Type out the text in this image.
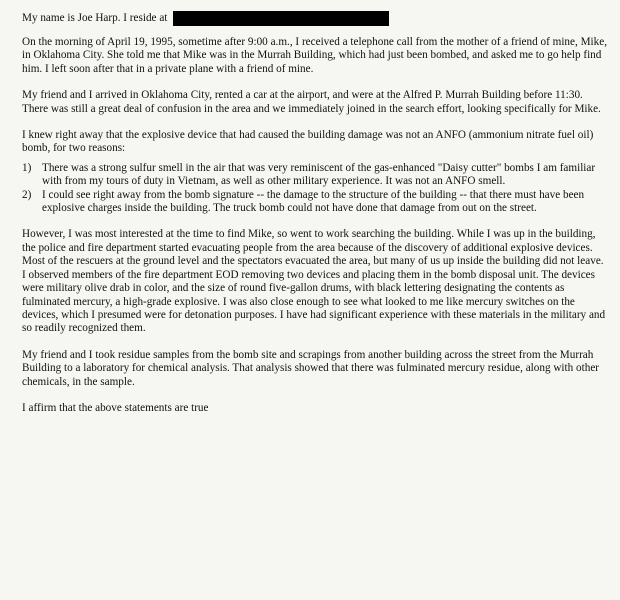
My name is Joe Harp. I reside at

On the morning of April 19, 1995, sometime after 9:00 a.m., I received a telephone call from the mother of a friend of mine, Mike, in Oklahoma City. She told me that Mike was in the Murrah Building, which had just been bombed, and asked me to go help find him. I left soon after that in a private plane with a friend of mine.

My friend and I arrived in Oklahoma City, rented a car at the airport, and were at the Alfred P. Murrah Building before 11:30. There was still a great deal of confusion in the area and we immediately joined in the search effort, looking specifically for Mike.

I knew right away that the explosive device that had caused the building damage was not an ANFO (ammonium nitrate fuel oil) bomb, for two reasons:

1) There was a strong sulfur smell in the air that was very reminiscent of the gas-enhanced "Daisy cutter" bombs I am familiar with from my tours of duty in Vietnam, as well as other military experience. It was not an ANFO smell.
2) I could see right away from the bomb signature -- the damage to the structure of the building -- that there must have been explosive charges inside the building. The truck bomb could not have done that damage from out on the street.

However, I was most interested at the time to find Mike, so went to work searching the building. While I was up in the building, the police and fire department started evacuating people from the area because of the discovery of additional explosive devices. Most of the rescuers at the ground level and the spectators evacuated the area, but many of us up inside the building did not leave. I observed members of the fire department EOD removing two devices and placing them in the bomb disposal unit. The devices were military olive drab in color, and the size of round five-gallon drums, with black lettering designating the contents as fulminated mercury, a high-grade explosive. I was also close enough to see what looked to me like mercury switches on the devices, which I presumed were for detonation purposes. I have had significant experience with these materials in the military and so readily recognized them.

My friend and I took residue samples from the bomb site and scrapings from another building across the street from the Murrah Building to a laboratory for chemical analysis. That analysis showed that there was fulminated mercury residue, along with other chemicals, in the sample.

I affirm that the above statements are true
